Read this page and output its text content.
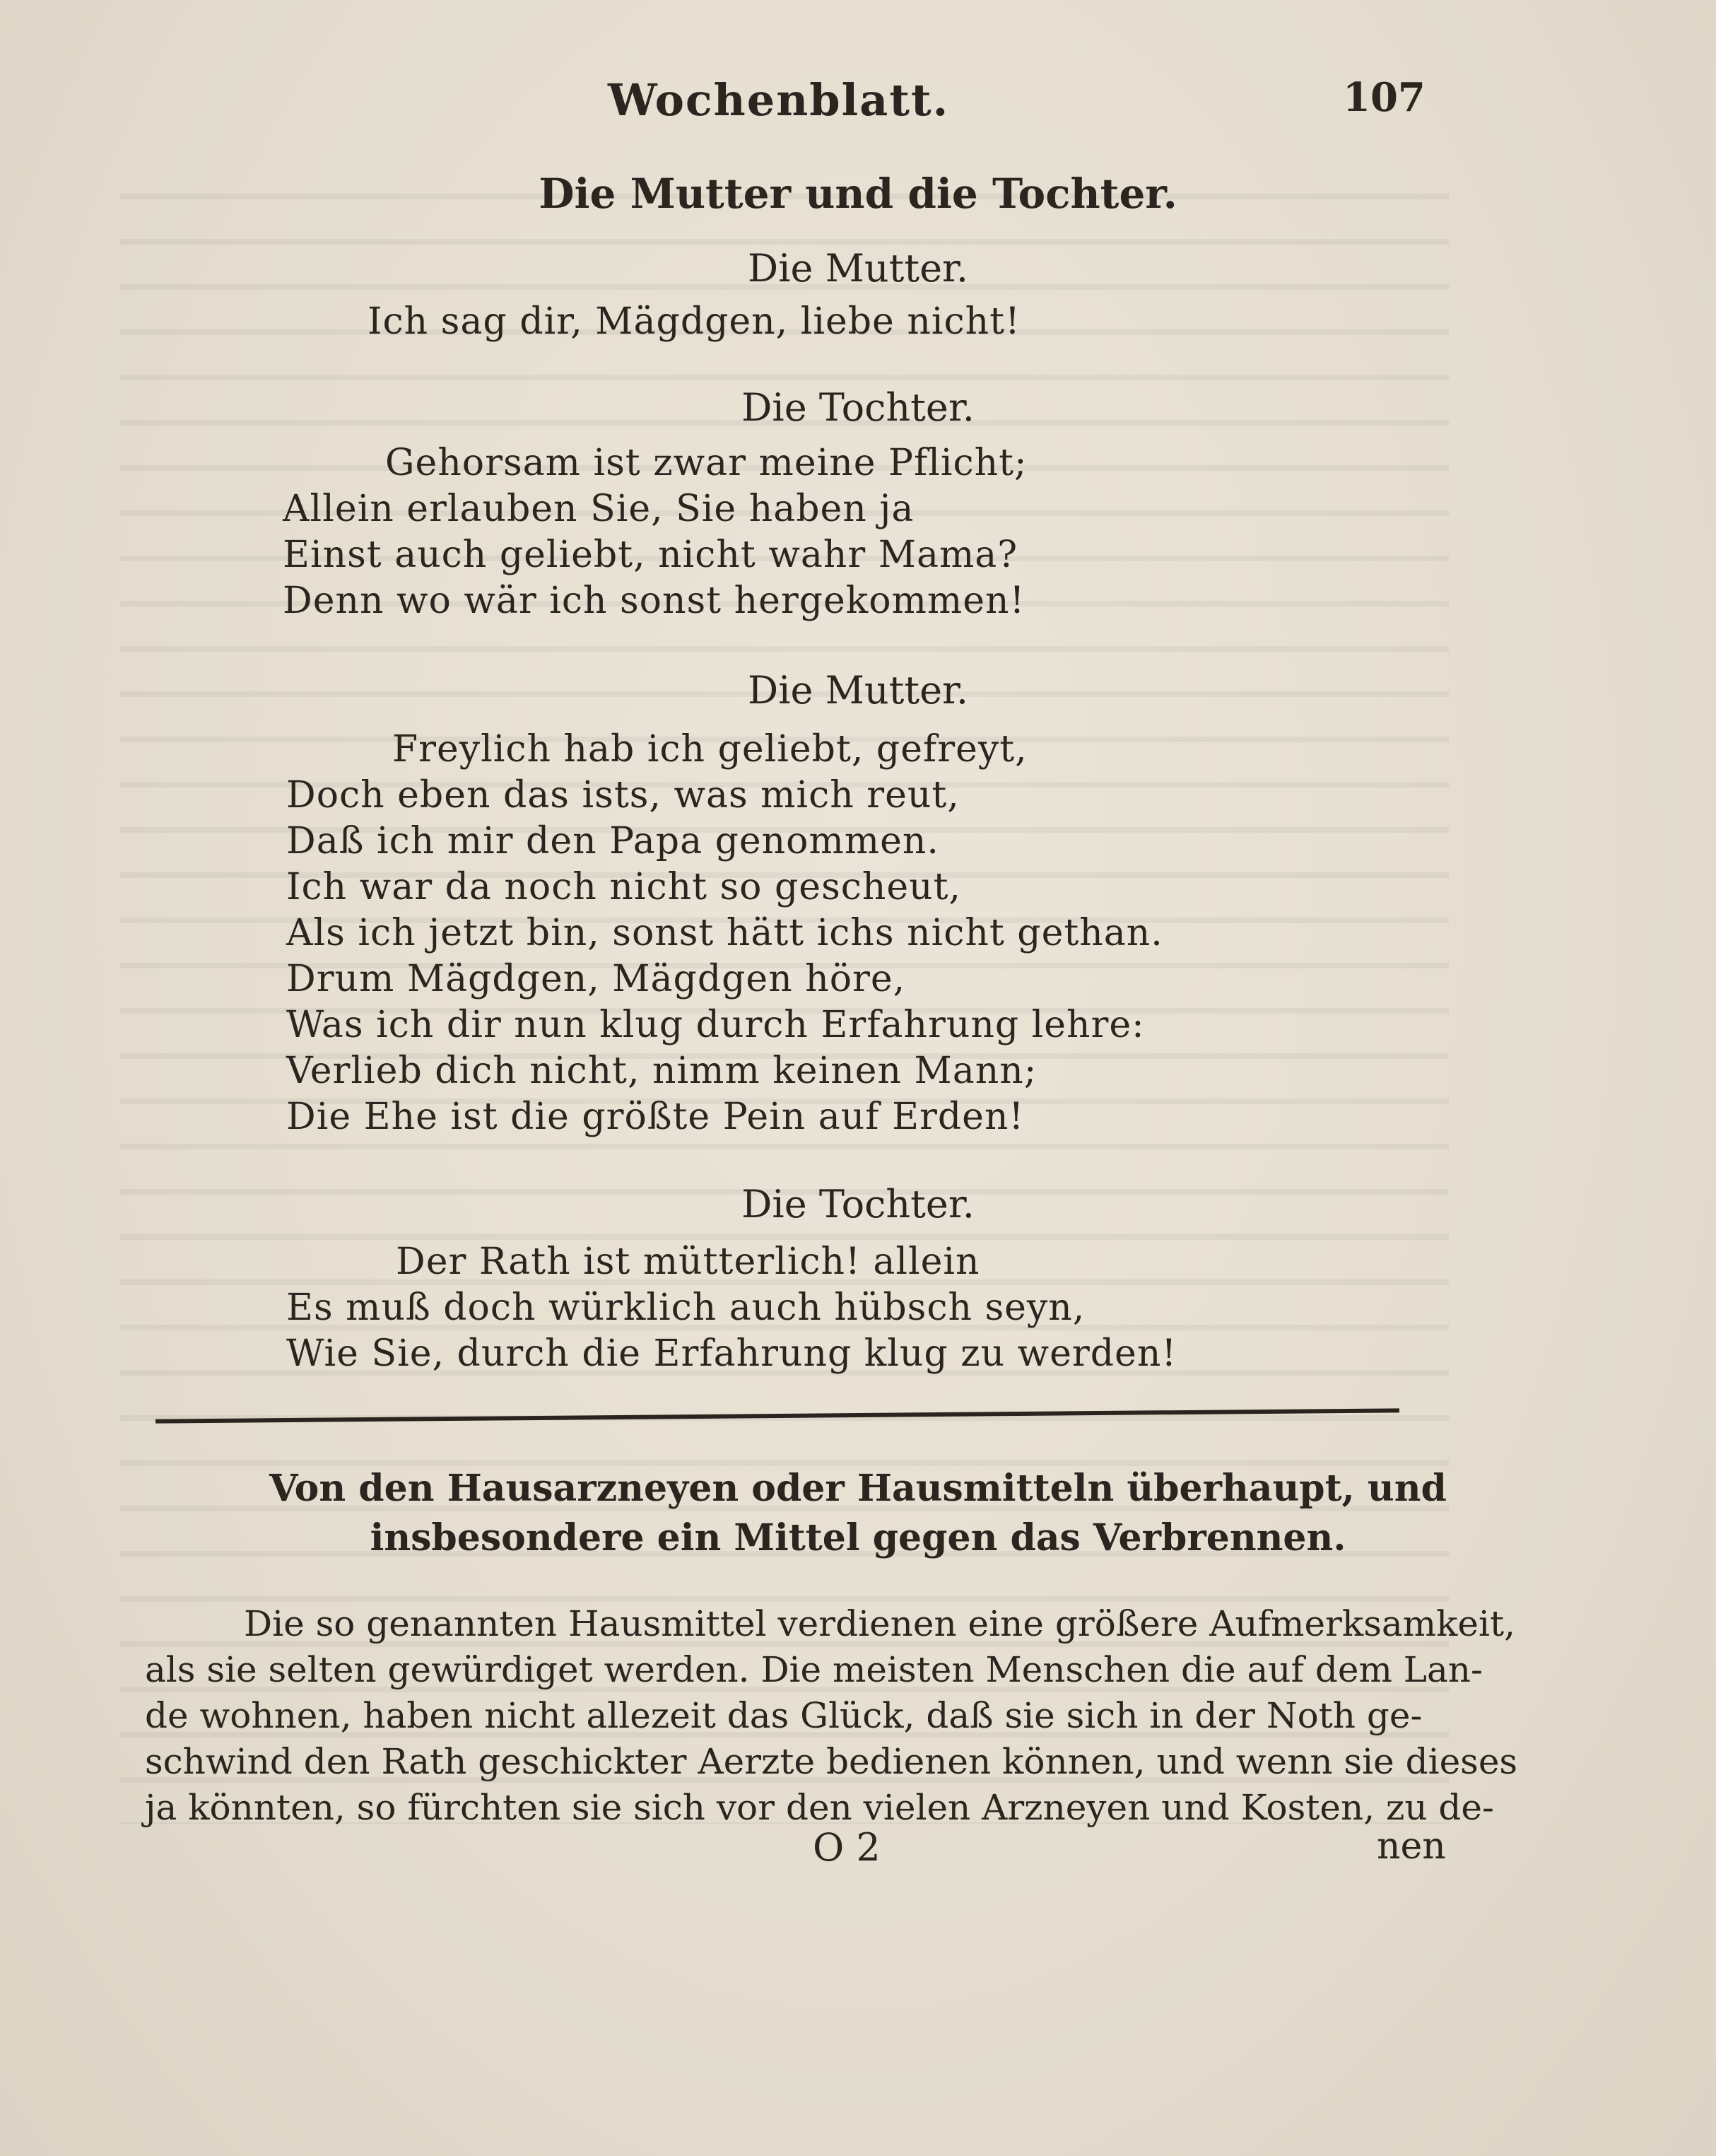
Wochenblatt.	107
Die Mutter und die Tochter.
Die Mutter.
Ich sag dir, Mägdgen, liebe nicht!
Die Tochter.
Gehorsam ist zwar meine Pflicht;
Allein erlauben Sie, Sie haben ja
Einst auch geliebt, nicht wahr Mama?
Denn wo wär ich sonst hergekommen!
Die Mutter.
Freylich hab ich geliebt, gefreyt,
Doch eben das ists, was mich reut,
Daß ich mir den Papa genommen.
Ich war da noch nicht so gescheut,
Als ich jetzt bin, sonst hätt ichs nicht gethan.
Drum Mägdgen, Mägdgen höre,
Was ich dir nun klug durch Erfahrung lehre:
Verlieb dich nicht, nimm keinen Mann;
Die Ehe ist die größte Pein auf Erden!
Die Tochter.
Der Rath ist mütterlich! allein
Es muß doch würklich auch hübsch seyn,
Wie Sie, durch die Erfahrung klug zu werden!
Von den Hausarzneyen oder Hausmitteln überhaupt, und
insbesondere ein Mittel gegen das Verbrennen.
Die so genannten Hausmittel verdienen eine größere Aufmerksamkeit,
als sie selten gewürdiget werden. Die meisten Menschen die auf dem Lan-
de wohnen, haben nicht allezeit das Glück, daß sie sich in der Noth ge-
schwind den Rath geschickter Aerzte bedienen können, und wenn sie dieses
ja könnten, so fürchten sie sich vor den vielen Arzneyen und Kosten, zu de-
O 2	nen
